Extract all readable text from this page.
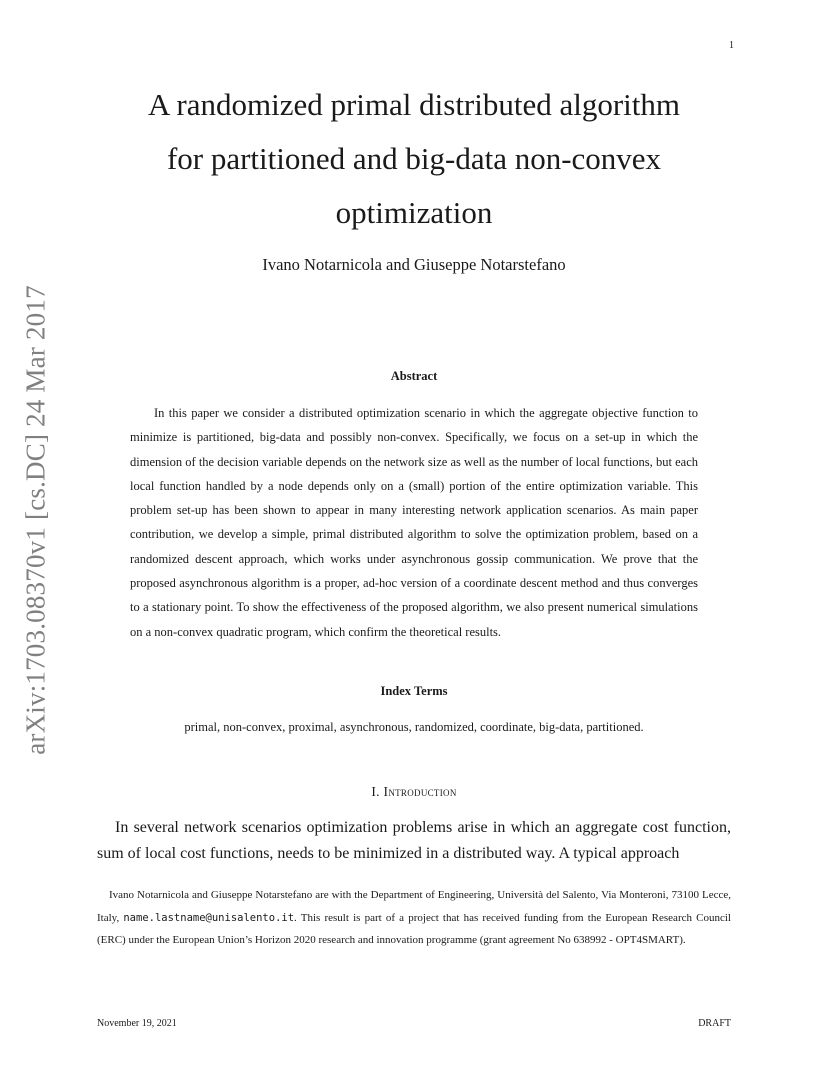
1
A randomized primal distributed algorithm
for partitioned and big-data non-convex
optimization
Ivano Notarnicola and Giuseppe Notarstefano
arXiv:1703.08370v1 [cs.DC] 24 Mar 2017	Abstract

In this paper we consider a distributed optimization scenario in which the aggregate objective function to minimize is partitioned, big-data and possibly non-convex. Specifically, we focus on a set-up in which the dimension of the decision variable depends on the network size as well as the number of local functions, but each local function handled by a node depends only on a (small) portion of the entire optimization variable. This problem set-up has been shown to appear in many interesting network application scenarios. As main paper contribution, we develop a simple, primal distributed algorithm to solve the optimization problem, based on a randomized descent approach, which works under asynchronous gossip communication. We prove that the proposed asynchronous algorithm is a proper, ad-hoc version of a coordinate descent method and thus converges to a stationary point. To show the effectiveness of the proposed algorithm, we also present numerical simulations on a non-convex quadratic program, which confirm the theoretical results.

Index Terms
primal, non-convex, proximal, asynchronous, randomized, coordinate, big-data, partitioned.
I. Introduction

In several network scenarios optimization problems arise in which an aggregate cost function, sum of local cost functions, needs to be minimized in a distributed way. A typical approach

Ivano Notarnicola and Giuseppe Notarstefano are with the Department of Engineering, Università del Salento, Via Monteroni, 73100 Lecce, Italy, name.lastname@unisalento.it. This result is part of a project that has received funding from the European Research Council (ERC) under the European Union’s Horizon 2020 research and innovation programme (grant agreement No 638992 - OPT4SMART).

November 19, 2021	DRAFT
